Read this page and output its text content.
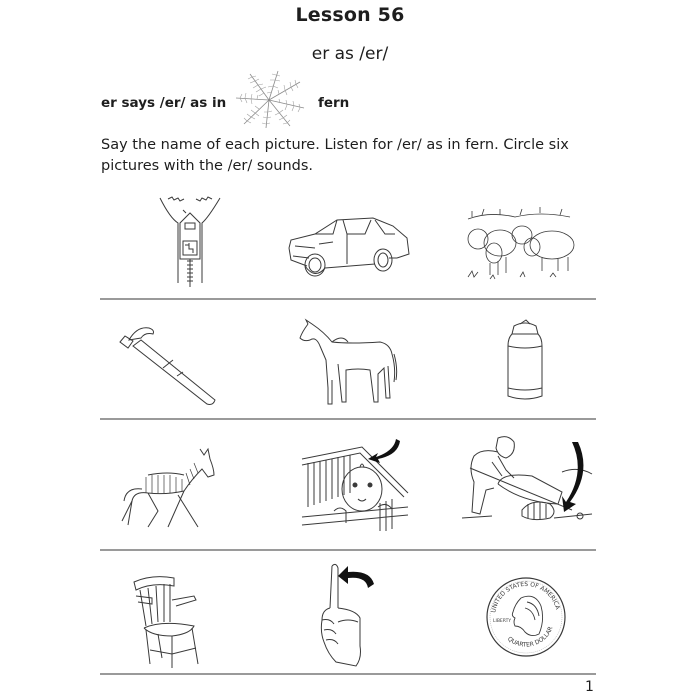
Lesson 56
er as /er/
er says /er/ as in	fern
Say the name of each picture. Listen for /er/ as in fern. Circle six pictures with the /er/ sounds.
UNITED STATES OF AMERICA
QUARTER DOLLAR
LIBERTY
1
